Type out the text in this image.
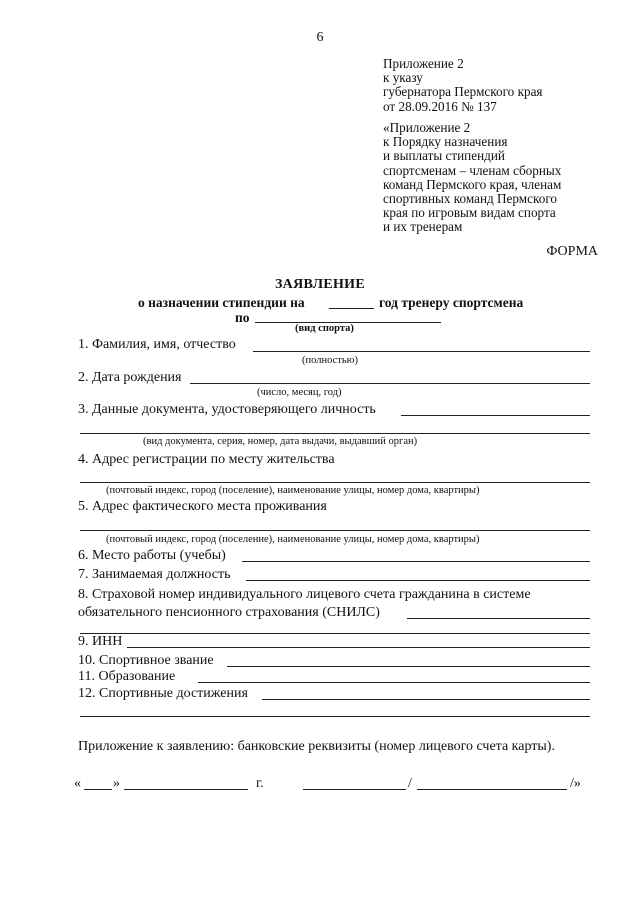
6
Приложение 2
к указу
губернатора Пермского края
от 28.09.2016 № 137
«Приложение 2
к Порядку назначения
и выплаты стипендий
спортсменам – членам сборных
команд Пермского края, членам
спортивных команд Пермского
края по игровым видам спорта
и их тренерам
ФОРМА
ЗАЯВЛЕНИЕ
о назначении стипендии на	год тренеру спортсмена
по
(вид спорта)
1. Фамилия, имя, отчество
(полностью)
2. Дата рождения
(число, месяц, год)
3. Данные документа, удостоверяющего личность
(вид документа, серия, номер, дата выдачи, выдавший орган)
4. Адрес регистрации по месту жительства
(почтовый индекс, город (поселение), наименование улицы, номер дома, квартиры)
5. Адрес фактического места проживания
(почтовый индекс, город (поселение), наименование улицы, номер дома, квартиры)
6. Место работы (учебы)
7. Занимаемая должность
8. Страховой номер индивидуального лицевого счета гражданина в системе
обязательного пенсионного страхования (СНИЛС)
9. ИНН
10. Спортивное звание
11. Образование
12. Спортивные достижения
Приложение к заявлению: банковские реквизиты (номер лицевого счета карты).
« »	г.	/	/»
